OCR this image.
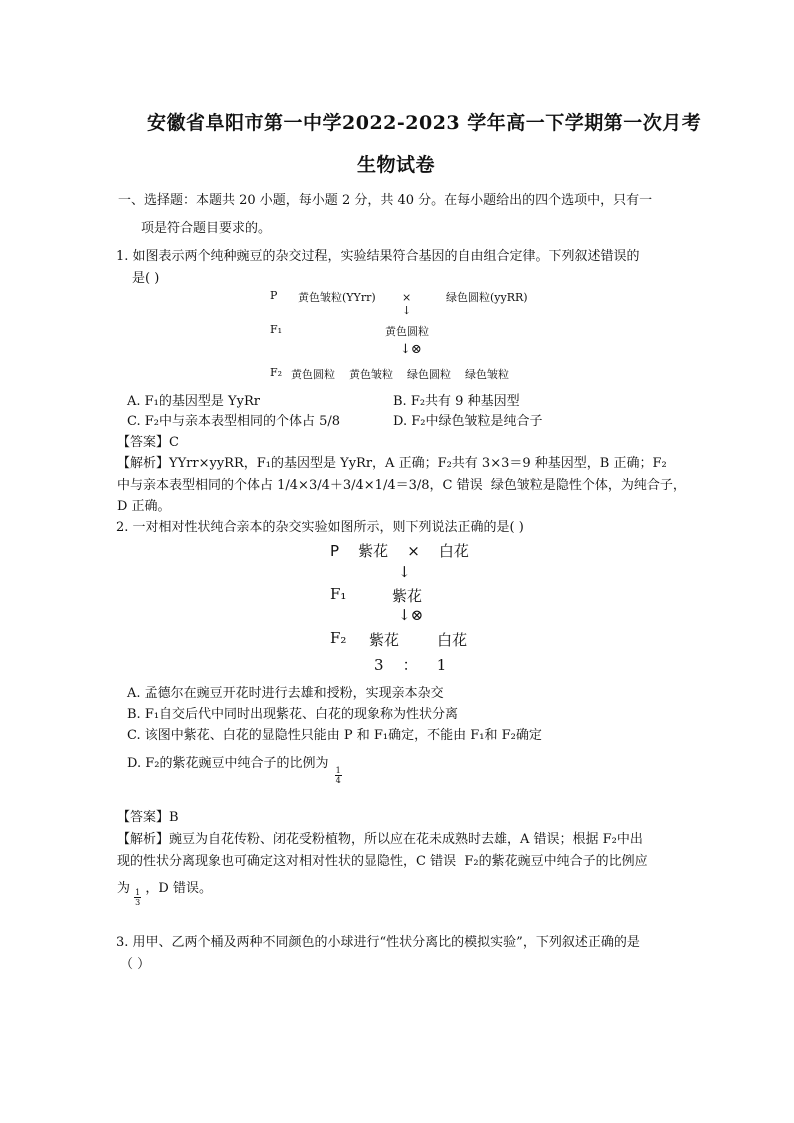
安徽省阜阳市第一中学2022-2023 学年高一下学期第一次月考
生物试卷
一、选择题：本题共 20 小题，每小题 2 分，共 40 分。在每小题给出的四个选项中，只有一
项是符合题目要求的。
1. 如图表示两个纯种豌豆的杂交过程，实验结果符合基因的自由组合定律。下列叙述错误的
是( )
P 黄色皱粒(YYrr) ×	绿色圆粒(yyRR)
↓
F₁	黄色圆粒
↓⊗
F₂ 黄色圆粒    黄色皱粒    绿色圆粒    绿色皱粒
A. F₁的基因型是 YyRr	B. F₂共有 9 种基因型
C. F₂中与亲本表型相同的个体占 5/8	D. F₂中绿色皱粒是纯合子
【答案】C
【解析】YYrr×yyRR，F₁的基因型是 YyRr，A 正确；F₂共有 3×3＝9 种基因型，B 正确；F₂
中与亲本表型相同的个体占 1/4×3/4＋3/4×1/4＝3/8，C 错误  绿色皱粒是隐性个体，为纯合子，
D 正确。
2. 一对相对性状纯合亲本的杂交实验如图所示，则下列说法正确的是( )
P    紫花    ×    白花
↓
F₁	紫花
↓⊗
F₂ 紫花        白花
3    ：    1
A. 孟德尔在豌豆开花时进行去雄和授粉，实现亲本杂交
B. F₁自交后代中同时出现紫花、白花的现象称为性状分离
C. 该图中紫花、白花的显隐性只能由 P 和 F₁确定，不能由 F₁和 F₂确定
D. F₂的紫花豌豆中纯合子的比例为
$\frac{1}{4}$
【答案】B
【解析】豌豆为自花传粉、闭花受粉植物，所以应在花未成熟时去雄，A 错误；根据 F₂中出
现的性状分离现象也可确定这对相对性状的显隐性，C 错误  F₂的紫花豌豆中纯合子的比例应
为 $\frac{1}{3}$ ，D 错误。
3. 用甲、乙两个桶及两种不同颜色的小球进行“性状分离比的模拟实验”，下列叙述正确的是
（ ）
